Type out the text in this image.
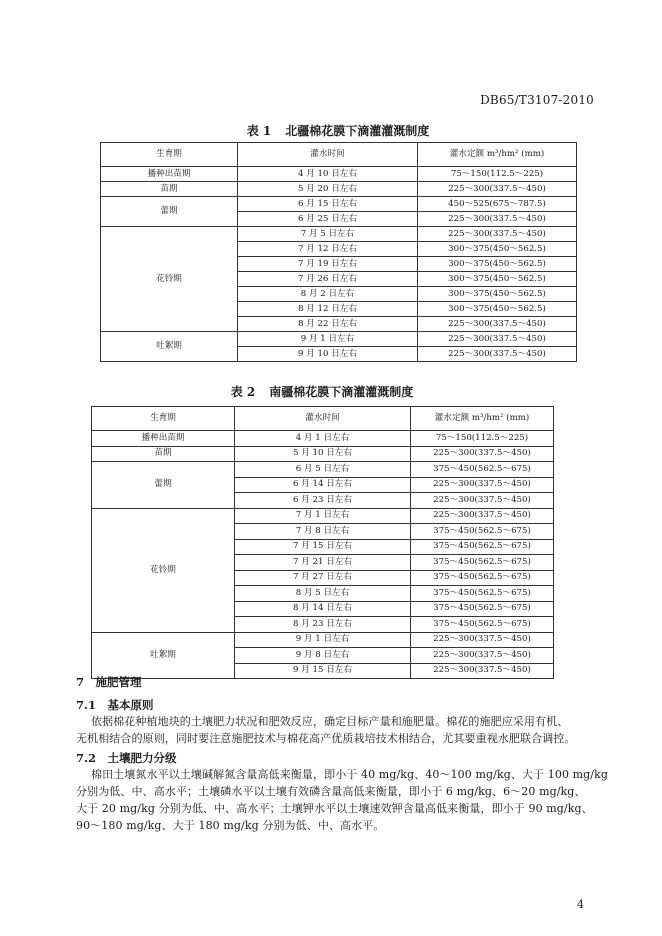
DB65/T3107-2010
表 1 北疆棉花膜下滴灌灌溉制度
生育期	灌水时间	灌水定额 m³/hm² (mm)
播种出苗期	4 月 10 日左右	75～150(112.5～225)
苗期	5 月 20 日左右	225～300(337.5～450)
蕾期	6 月 15 日左右	450～525(675～787.5)
	6 月 25 日左右	225～300(337.5～450)
花铃期	7 月 5 日左右	225～300(337.5～450)
	7 月 12 日左右	300～375(450～562.5)
	7 月 19 日左右	300～375(450～562.5)
	7 月 26 日左右	300～375(450～562.5)
	8 月 2 日左右	300～375(450～562.5)
	8 月 12 日左右	300～375(450～562.5)
	8 月 22 日左右	225～300(337.5～450)
吐絮期	9 月 1 日左右	225～300(337.5～450)
	9 月 10 日左右	225～300(337.5～450)
表 2 南疆棉花膜下滴灌灌溉制度
生育期	灌水时间	灌水定额 m³/hm² (mm)
播种出苗期	4 月 1 日左右	75～150(112.5～225)
苗期	5 月 10 日左右	225～300(337.5～450)
蕾期	6 月 5 日左右	375～450(562.5～675)
	6 月 14 日左右	225～300(337.5～450)
	6 月 23 日左右	225～300(337.5～450)
花铃期	7 月 1 日左右	225～300(337.5～450)
	7 月 8 日左右	375～450(562.5～675)
	7 月 15 日左右	375～450(562.5～675)
	7 月 21 日左右	375～450(562.5～675)
	7 月 27 日左右	375～450(562.5～675)
	8 月 5 日左右	375～450(562.5～675)
	8 月 14 日左右	375～450(562.5～675)
	8 月 23 日左右	375～450(562.5～675)
吐絮期	9 月 1 日左右	225～300(337.5～450)
	9 月 8 日左右	225～300(337.5～450)
	9 月 15 日左右	225～300(337.5～450)
7　施肥管理
7.1　基本原则
依据棉花种植地块的土壤肥力状况和肥效反应，确定目标产量和施肥量。棉花的施肥应采用有机、
无机相结合的原则，同时要注意施肥技术与棉花高产优质栽培技术相结合，尤其要重视水肥联合调控。
7.2　土壤肥力分级
棉田土壤氮水平以土壤碱解氮含量高低来衡量，即小于 40 mg/kg、40～100 mg/kg、大于 100 mg/kg
分别为低、中、高水平；土壤磷水平以土壤有效磷含量高低来衡量，即小于 6 mg/kg、6～20 mg/kg、
大于 20 mg/kg 分别为低、中、高水平；土壤钾水平以土壤速效钾含量高低来衡量，即小于 90 mg/kg、
90～180 mg/kg、大于 180 mg/kg 分别为低、中、高水平。
4
